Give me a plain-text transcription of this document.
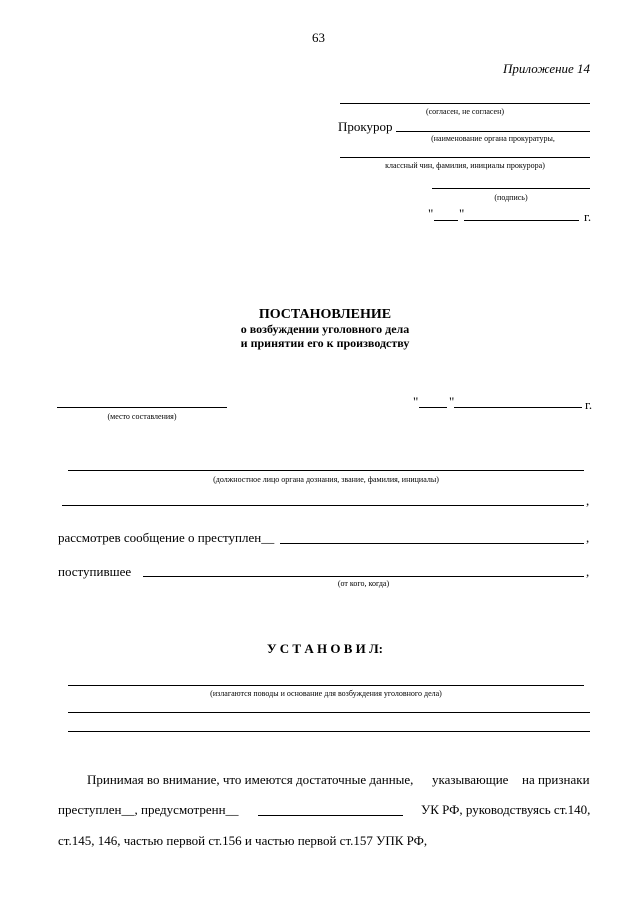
63
Приложение 14
(согласен, не согласен)
Прокурор
(наименование органа прокуратуры,
классный чин, фамилия, инициалы прокурора)
(подпись)
" "	г.
ПОСТАНОВЛЕНИЕ
о возбуждении уголовного дела
и принятии его к производству
(место составления)
" "	г.
(должностное лицо органа дознания, звание, фамилия, инициалы)
,
рассмотрев сообщение о преступлен__	,
поступившее	,
(от кого, когда)
У С Т А Н О В И Л:
(излагаются поводы и основание для возбуждения уголовного дела)
Принимая во внимание, что имеются достаточные данные, указывающие на признаки
преступлен__, предусмотренн__	УК РФ, руководствуясь ст.140,
ст.145, 146, частью первой ст.156 и частью первой ст.157 УПК РФ,
